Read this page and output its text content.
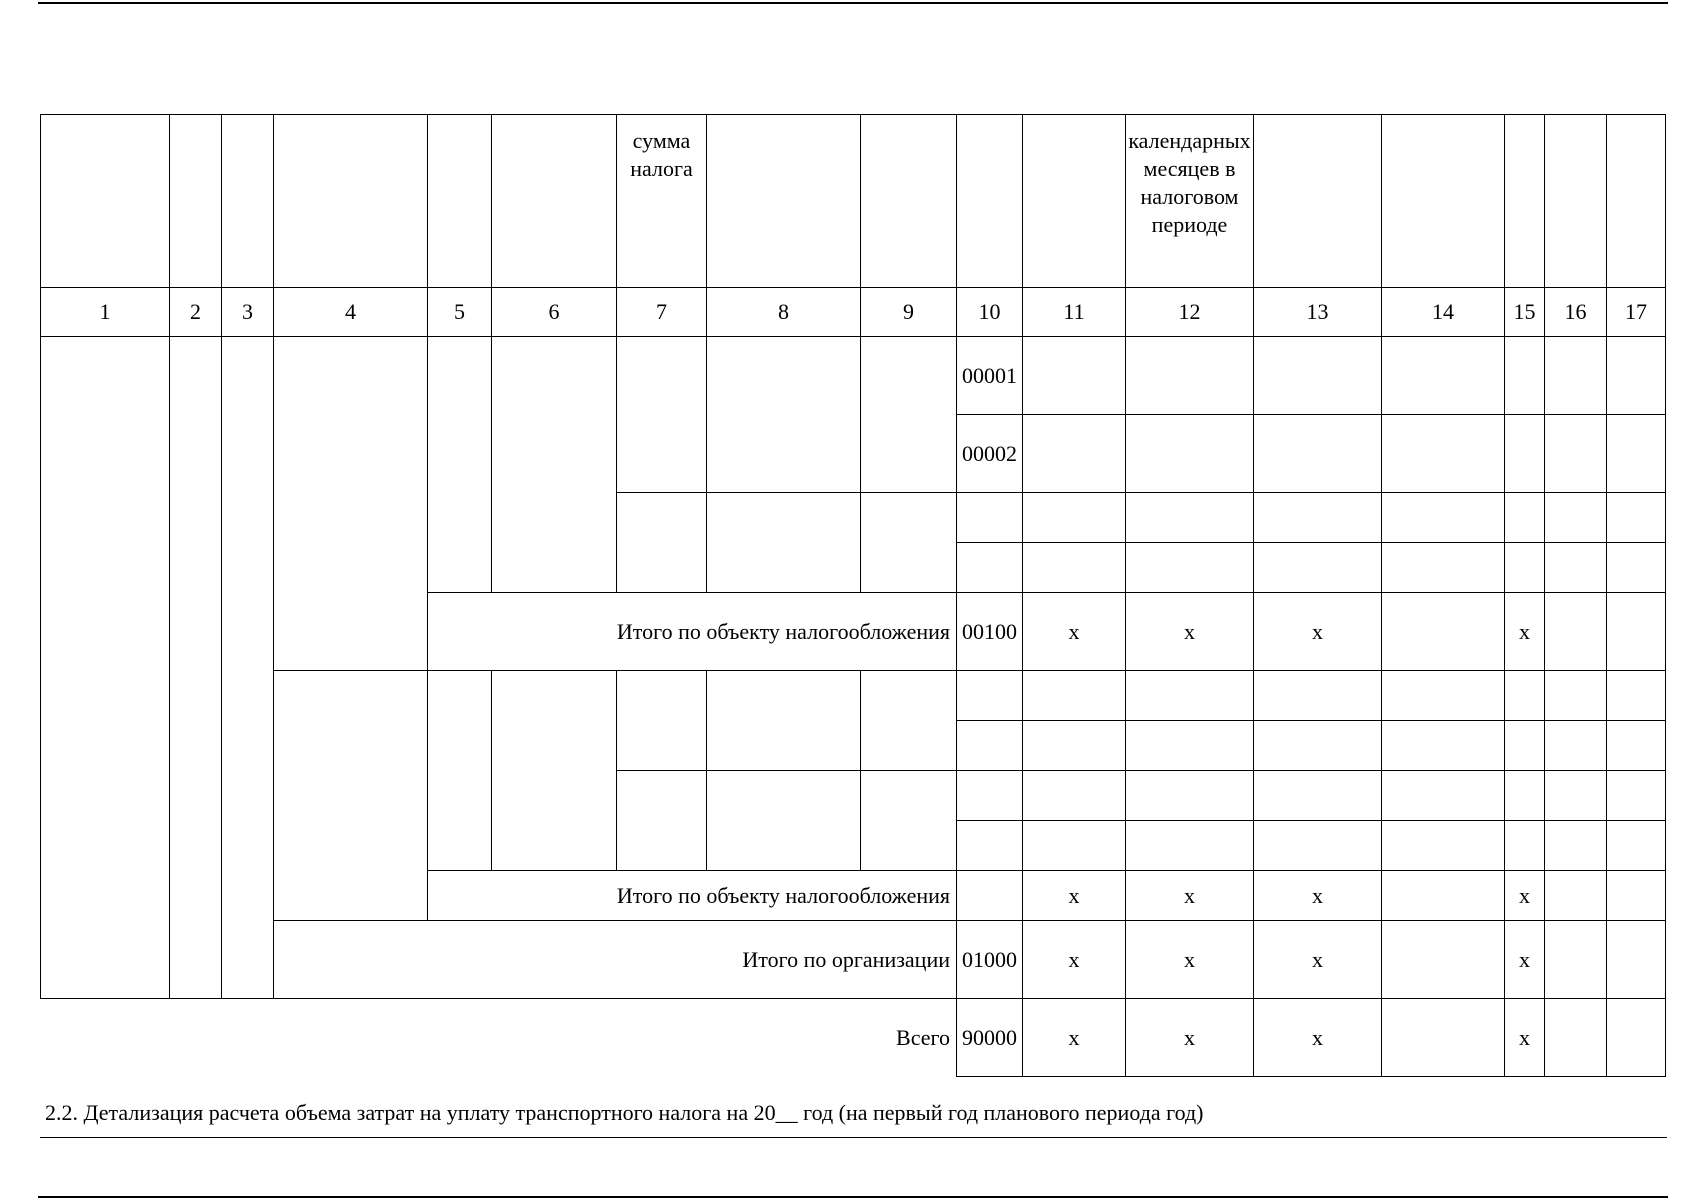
						сумма налога					календарных месяцев в налоговом периоде					
1	2	3	4	5	6	7	8	9	10	11	12	13	14	15	16	17
									00001							
									00002							

				Итого по объекту налогообложения					00100	х	х	х		х		

				Итого по объекту налогообложения						х	х	х		х		
			Итого по организации						01000	х	х	х		х		
Всего									90000	х	х	х		х		
2.2. Детализация расчета объема затрат на уплату транспортного налога на 20__ год (на первый год планового периода год)
